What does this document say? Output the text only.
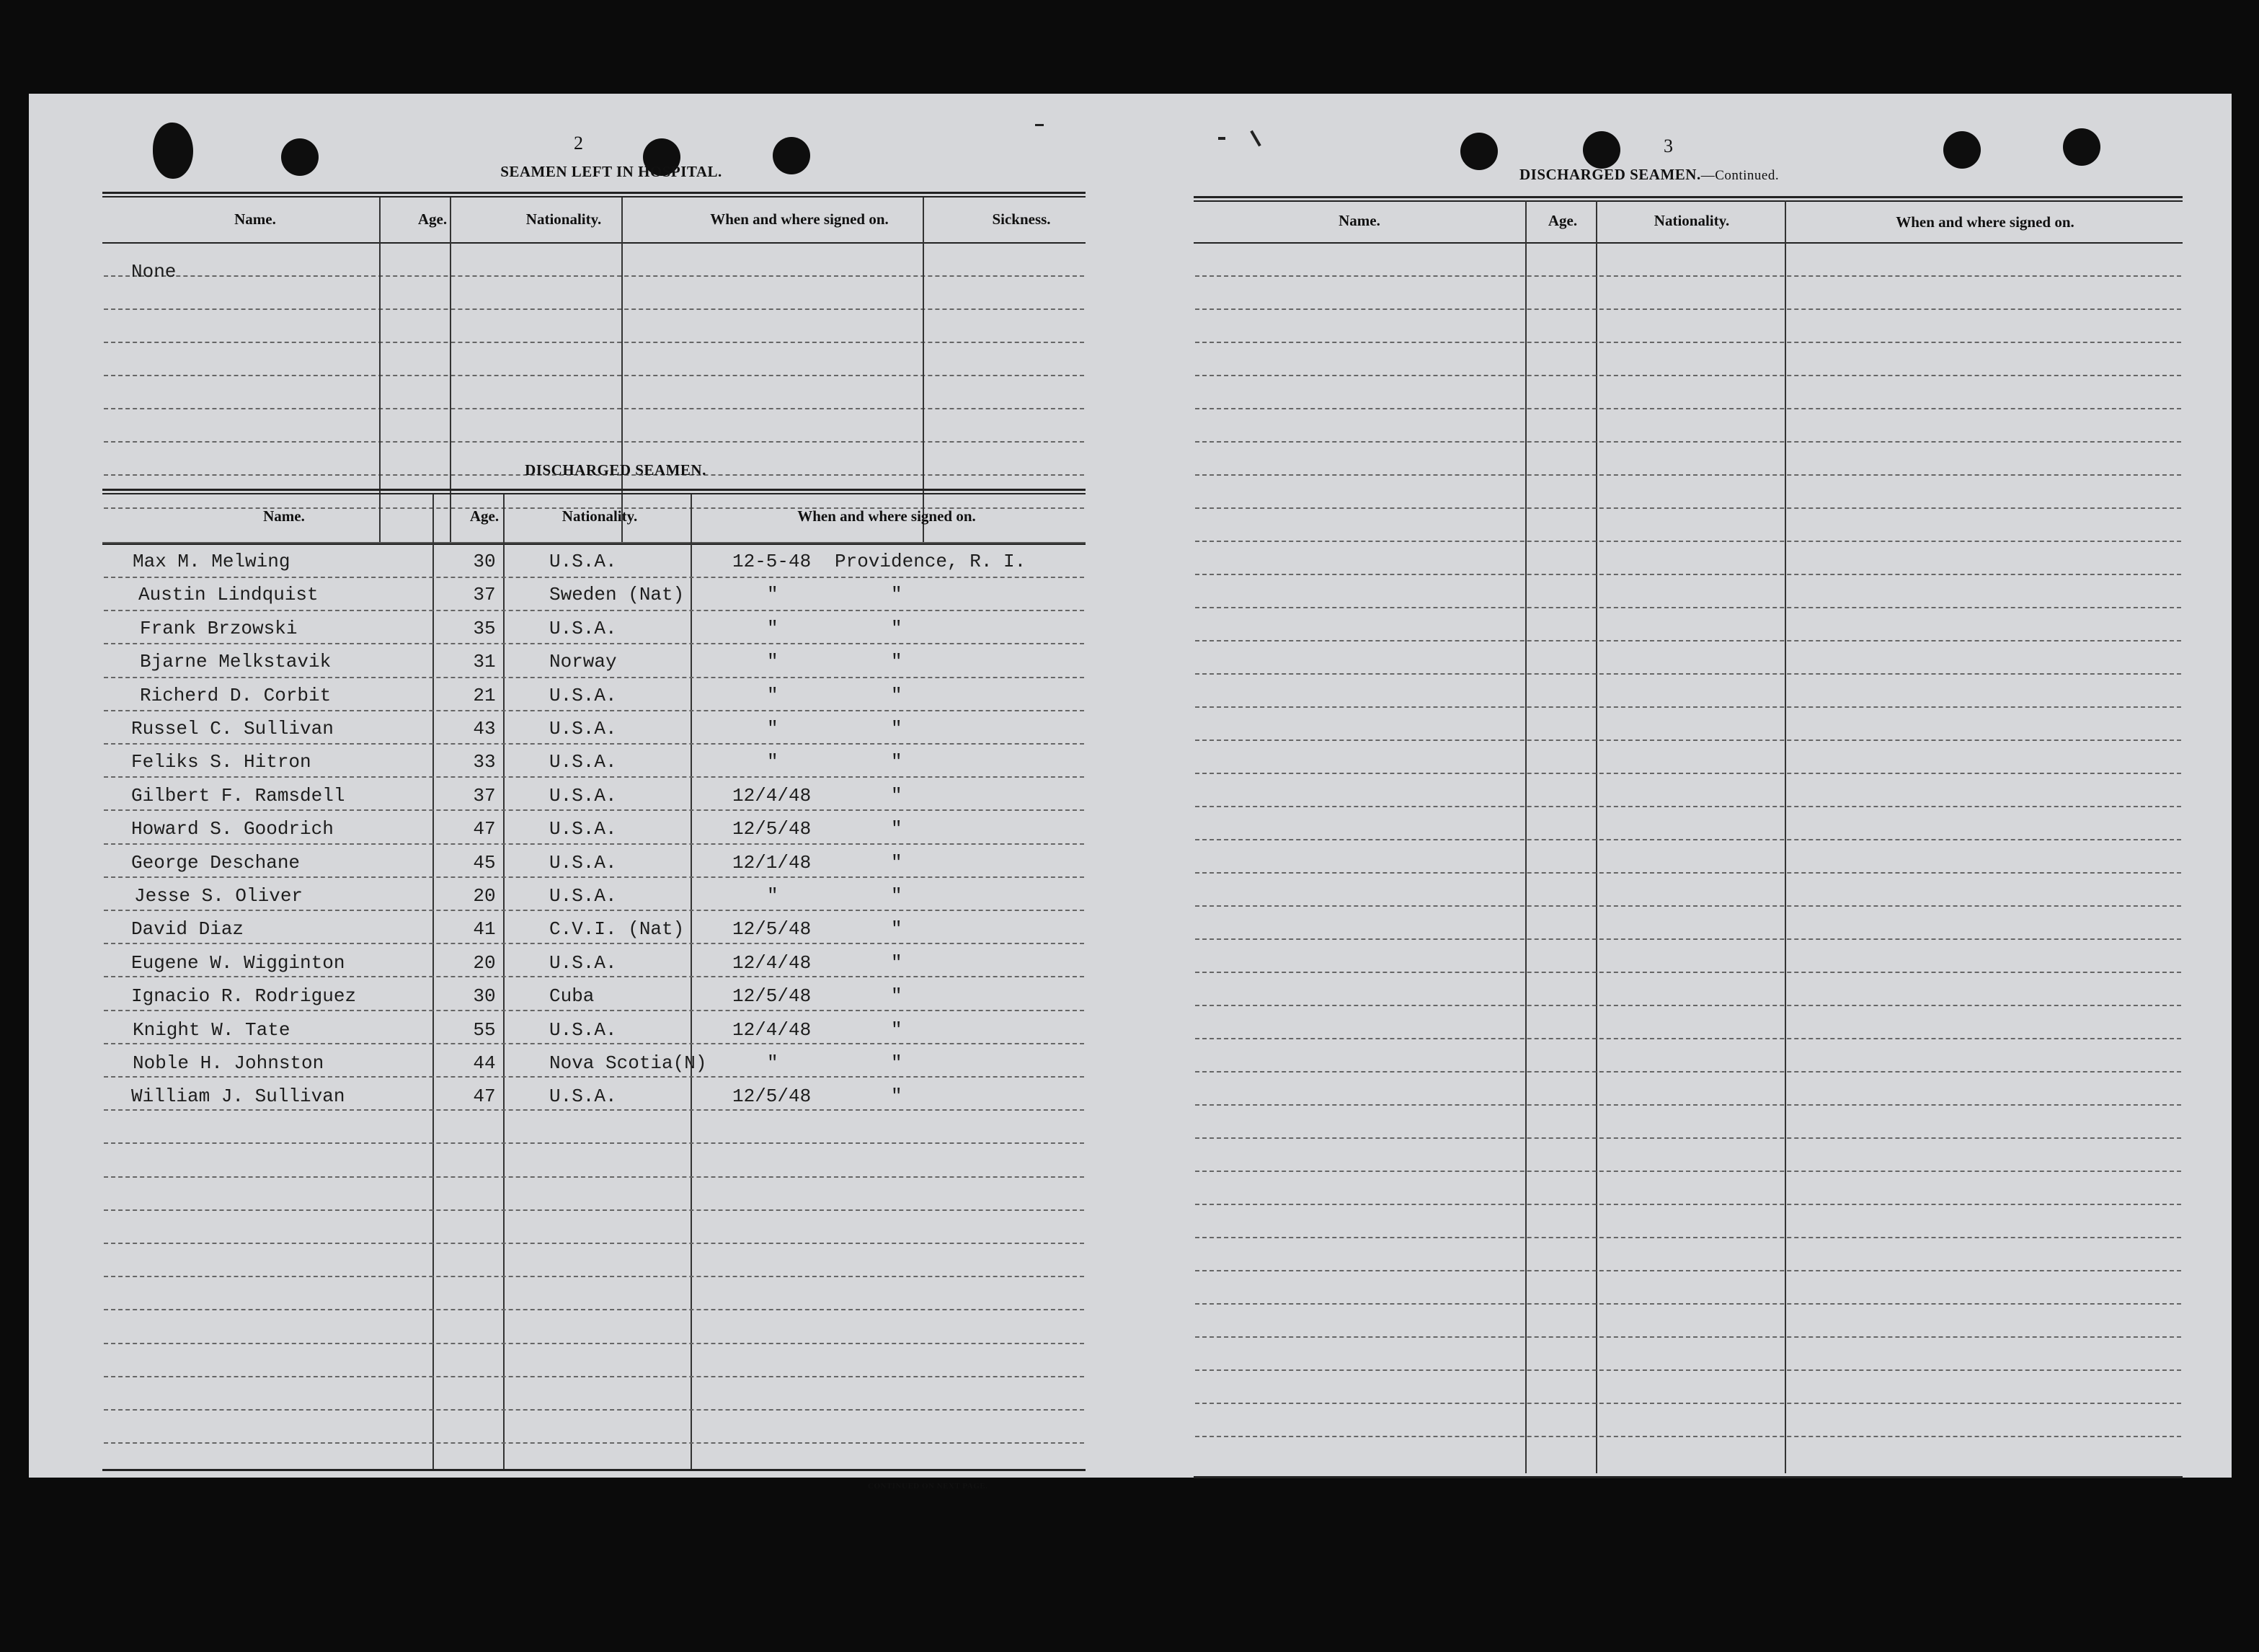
2
SEAMEN LEFT IN HOSPITAL.
Name.	Age.	Nationality.	When and where signed on.	Sickness.
None
DISCHARGED SEAMEN.
Name.	Age.	Nationality.	When and where signed on.
Max M. Melwing	30	U.S.A.	12-5-48 Providence, R. I.
Austin Lindquist	37	Sweden (Nat)	"	"
Frank Brzowski	35	U.S.A.	"	"
Bjarne Melkstavik	31	Norway	"	"
Richerd D. Corbit	21	U.S.A.	"	"
Russel C. Sullivan	43	U.S.A.	"	"
Feliks S. Hitron	33	U.S.A.	"	"
Gilbert F. Ramsdell	37	U.S.A.	12/4/48	"
Howard S. Goodrich	47	U.S.A.	12/5/48	"
George Deschane	45	U.S.A.	12/1/48	"
Jesse S. Oliver	20	U.S.A.	"	"
David Diaz	41	C.V.I. (Nat)	12/5/48	"
Eugene W. Wigginton	20	U.S.A.	12/4/48	"
Ignacio R. Rodriguez	30	Cuba	12/5/48	"
Knight W. Tate	55	U.S.A.	12/4/48	"
Noble H. Johnston	44	Nova Scotia(N)	"	"
William J. Sullivan	47	U.S.A.	12/5/48	"
CONTINUED ON NEXT PAGE.
3
DISCHARGED SEAMEN.—Continued.
Name.	Age.	Nationality.	When and where signed on.
